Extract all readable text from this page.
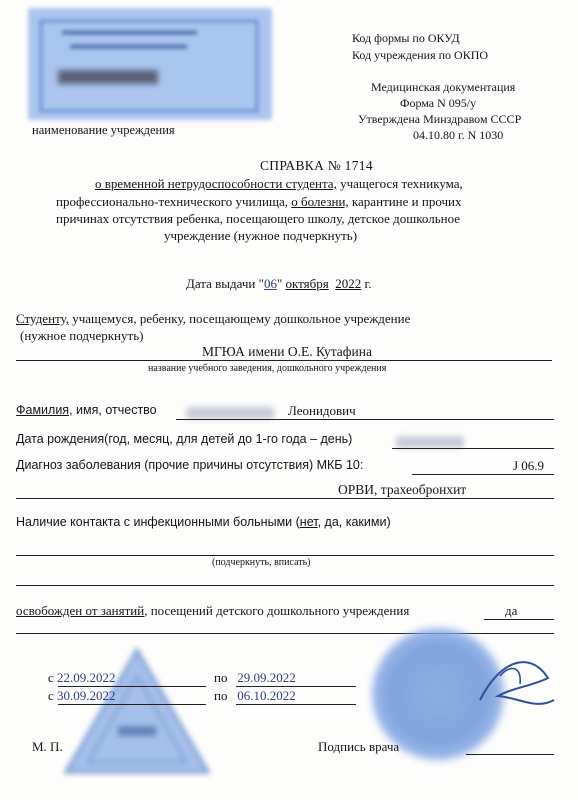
▬▬▬▬▬▬▬▬▬▬▬▬▬▬▬
▬▬▬▬▬▬▬▬▬▬▬▬▬	Код формы по ОКУД
Код учреждения по ОКПО
Медицинская документация
Форма N 095/у
Утверждена Минздравом СССР
04.10.80 г. N 1030
наименование учреждения
СПРАВКА № 1714
о временной нетрудоспособности студента, учащегося техникума,
профессионально-технического училища, о болезни, карантине и прочих
причинах отсутствия ребенка, посещающего школу, детское дошкольное
учреждение (нужное подчеркнуть)
Дата выдачи "06" октября 2022 г.
Студенту, учащемуся, ребенку, посещающему дошкольное учреждение
(нужное подчеркнуть)
МГЮА имени О.Е. Кутафина
название учебного заведения, дошкольного учреждения
Фамилия, имя, отчество	Леонидович
Дата рождения(год, месяц, для детей до 1-го года – день)
Диагноз заболевания (прочие причины отсутствия) МКБ 10:	J 06.9
ОРВИ, трахеобронхит
Наличие контакта с инфекционными больными (нет, да, какими)
(подчеркнуть, вписать)
освобожден от занятий, посещений детского дошкольного учреждения	да
с 22.09.2022	по 29.09.2022
с 30.09.2022	по 06.10.2022
М. П.	Подпись врача
